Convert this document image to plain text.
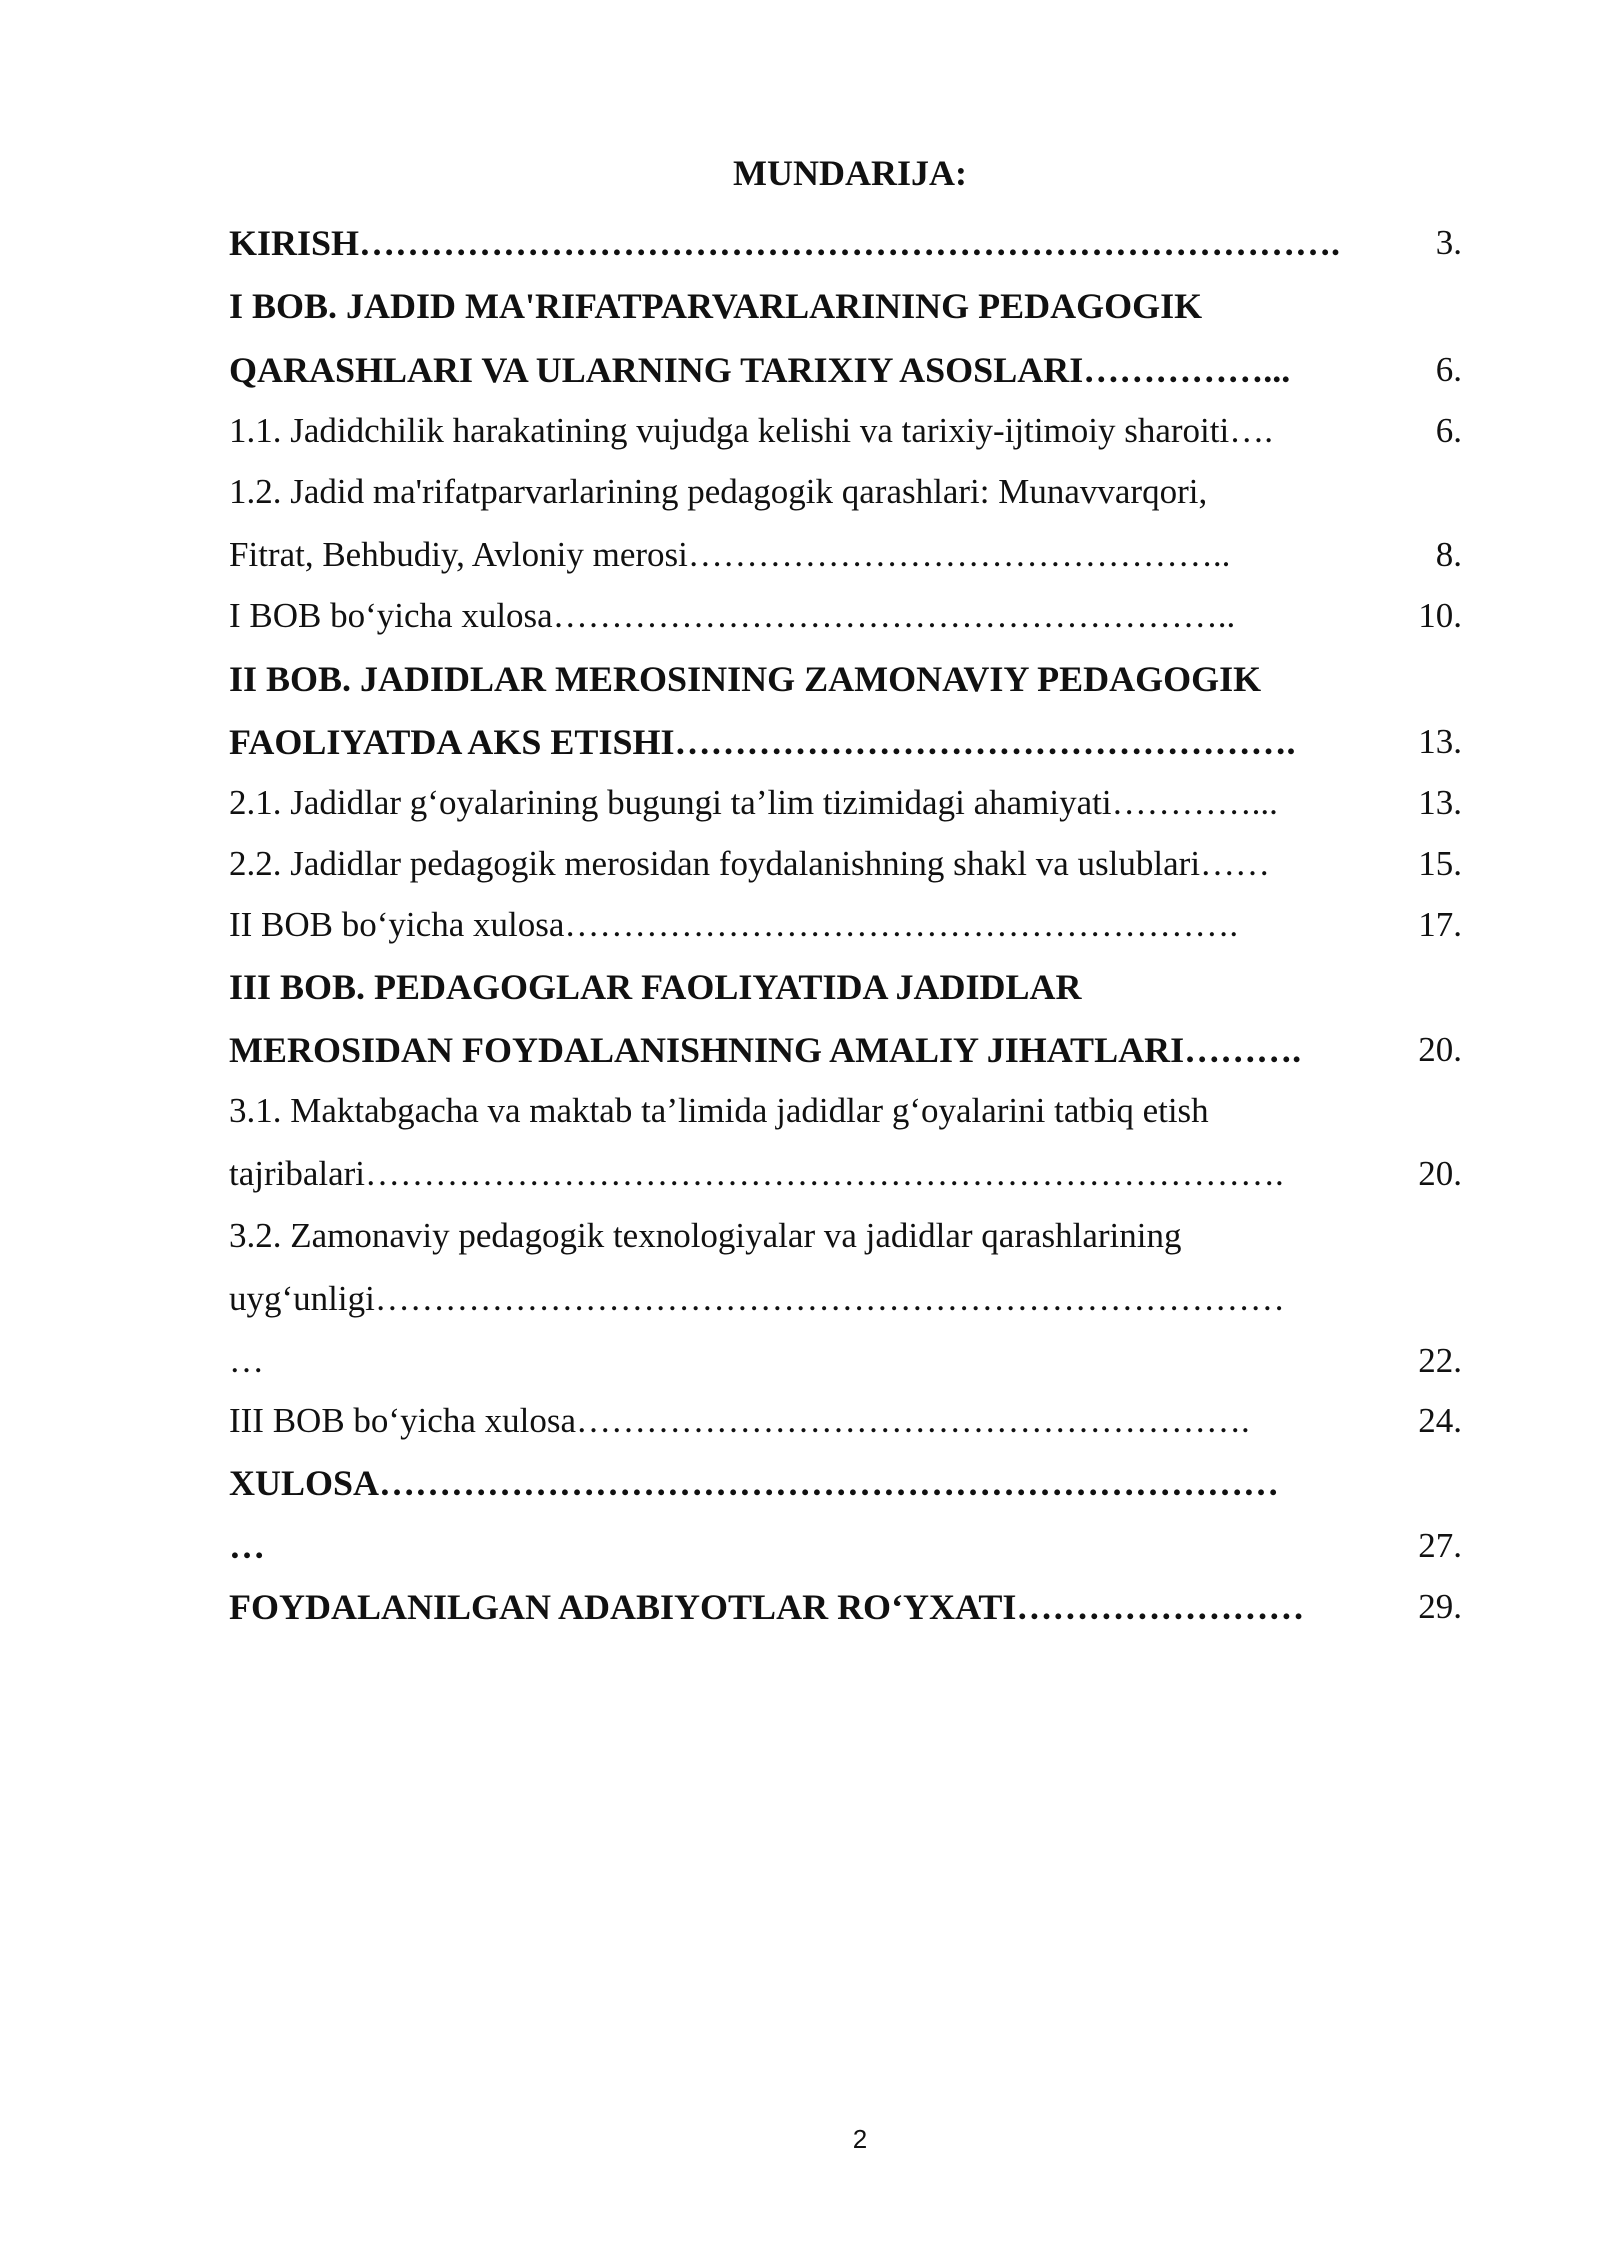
MUNDARIJA:
KIRISH……………………………………………………………………….	3.
I BOB. JADID MA'RIFATPARVARLARINING PEDAGOGIK
QARASHLARI VA ULARNING TARIXIY ASOSLARI……………...	6.
1.1. Jadidchilik harakatining vujudga kelishi va tarixiy-ijtimoiy sharoiti….	6.
1.2. Jadid ma'rifatparvarlarining pedagogik qarashlari: Munavvarqori,
Fitrat, Behbudiy, Avloniy merosi………………………………………..	8.
I BOB bo‘yicha xulosa…………………………………………………..	10.
II BOB. JADIDLAR MEROSINING ZAMONAVIY PEDAGOGIK
FAOLIYATDA AKS ETISHI…………………………………………….	13.
2.1. Jadidlar g‘oyalarining bugungi ta’lim tizimidagi ahamiyati…………...	13.
2.2. Jadidlar pedagogik merosidan foydalanishning shakl va uslublari……	15.
II BOB bo‘yicha xulosa………………………………………………….	17.
III BOB. PEDAGOGLAR FAOLIYATIDA JADIDLAR
MEROSIDAN FOYDALANISHNING AMALIY JIHATLARI……….	20.
3.1. Maktabgacha va maktab ta’limida jadidlar g‘oyalarini tatbiq etish
tajribalari…………………………………………………………………….	20.
3.2. Zamonaviy pedagogik texnologiyalar va jadidlar qarashlarining
uyg‘unligi……………………………………………………………………
…	22.
III BOB bo‘yicha xulosa………………………………………………….	24.
XULOSA…………………………………………………………………
…	27.
FOYDALANILGAN ADABIYOTLAR RO‘YXATI……………………	29.
2
